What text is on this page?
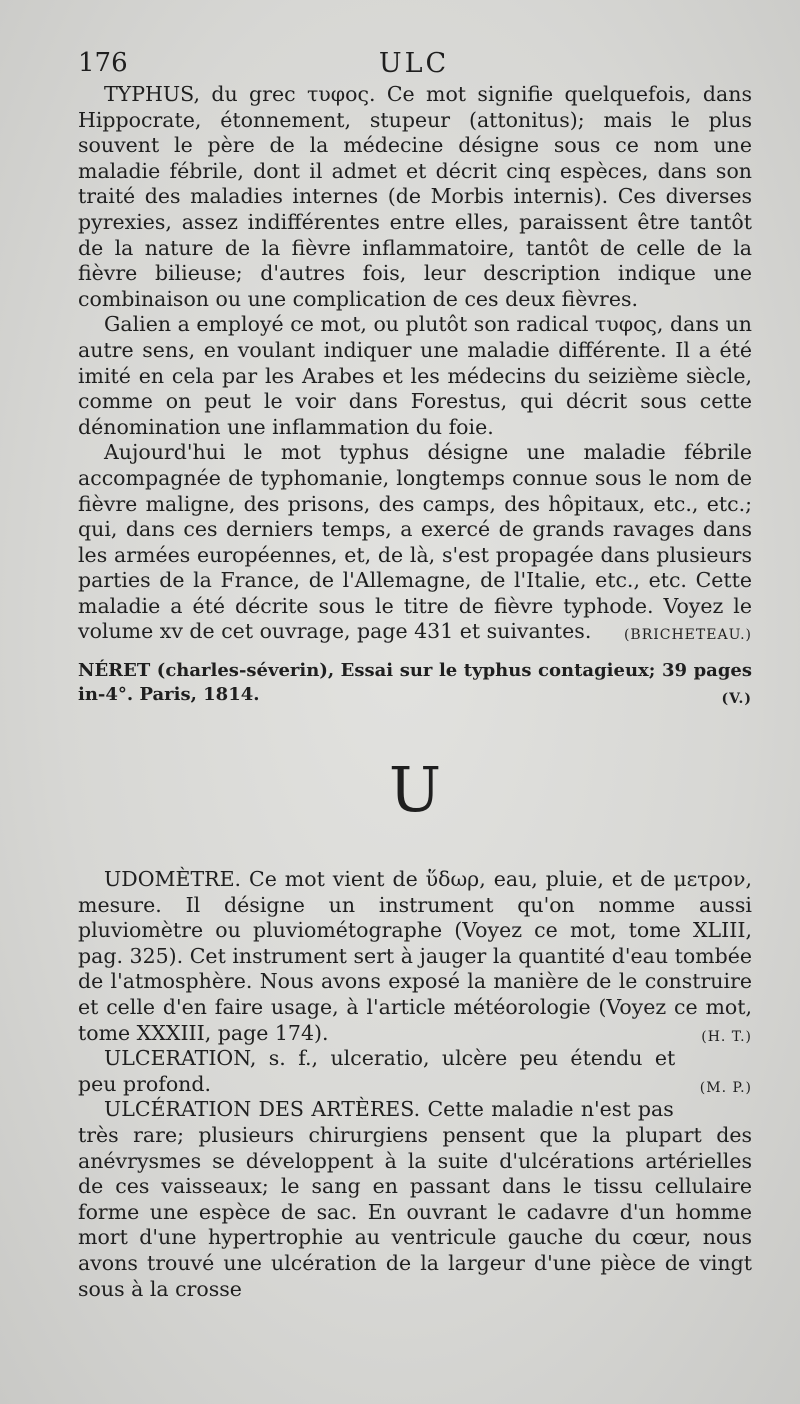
176	ULC

TYPHUS, du grec τυφος. Ce mot signifie quelquefois, dans Hippocrate, étonnement, stupeur (attonitus); mais le plus souvent le père de la médecine désigne sous ce nom une maladie fébrile, dont il admet et décrit cinq espèces, dans son traité des maladies internes (de Morbis internis). Ces diverses pyrexies, assez indifférentes entre elles, paraissent être tantôt de la nature de la fièvre inflammatoire, tantôt de celle de la fièvre bilieuse; d'autres fois, leur description indique une combinaison ou une complication de ces deux fièvres.

Galien a employé ce mot, ou plutôt son radical τυφος, dans un autre sens, en voulant indiquer une maladie différente. Il a été imité en cela par les Arabes et les médecins du seizième siècle, comme on peut le voir dans Forestus, qui décrit sous cette dénomination une inflammation du foie.

Aujourd'hui le mot typhus désigne une maladie fébrile accompagnée de typhomanie, longtemps connue sous le nom de fièvre maligne, des prisons, des camps, des hôpitaux, etc., etc.; qui, dans ces derniers temps, a exercé de grands ravages dans les armées européennes, et, de là, s'est propagée dans plusieurs parties de la France, de l'Allemagne, de l'Italie, etc., etc. Cette maladie a été décrite sous le titre de fièvre typhode. Voyez le volume xv de cet ouvrage, page 431 et suivantes.	(BRICHETEAU.)

NÉRET (charles-séverin), Essai sur le typhus contagieux; 39 pages in-4°. Paris, 1814.	(V.)

U

UDOMÈTRE. Ce mot vient de ὕδωρ, eau, pluie, et de μετρον, mesure. Il désigne un instrument qu'on nomme aussi pluviomètre ou pluviométographe (Voyez ce mot, tome XLIII, pag. 325). Cet instrument sert à jauger la quantité d'eau tombée de l'atmosphère. Nous avons exposé la manière de le construire et celle d'en faire usage, à l'article météorologie (Voyez ce mot, tome XXXIII, page 174).	(H. T.)

ULCERATION, s. f., ulceratio, ulcère peu étendu et peu profond.	(M. P.)

ULCÉRATION DES ARTÈRES. Cette maladie n'est pas très rare; plusieurs chirurgiens pensent que la plupart des anévrysmes se développent à la suite d'ulcérations artérielles de ces vaisseaux; le sang en passant dans le tissu cellulaire forme une espèce de sac. En ouvrant le cadavre d'un homme mort d'une hypertrophie au ventricule gauche du cœur, nous avons trouvé une ulcération de la largeur d'une pièce de vingt sous à la crosse
